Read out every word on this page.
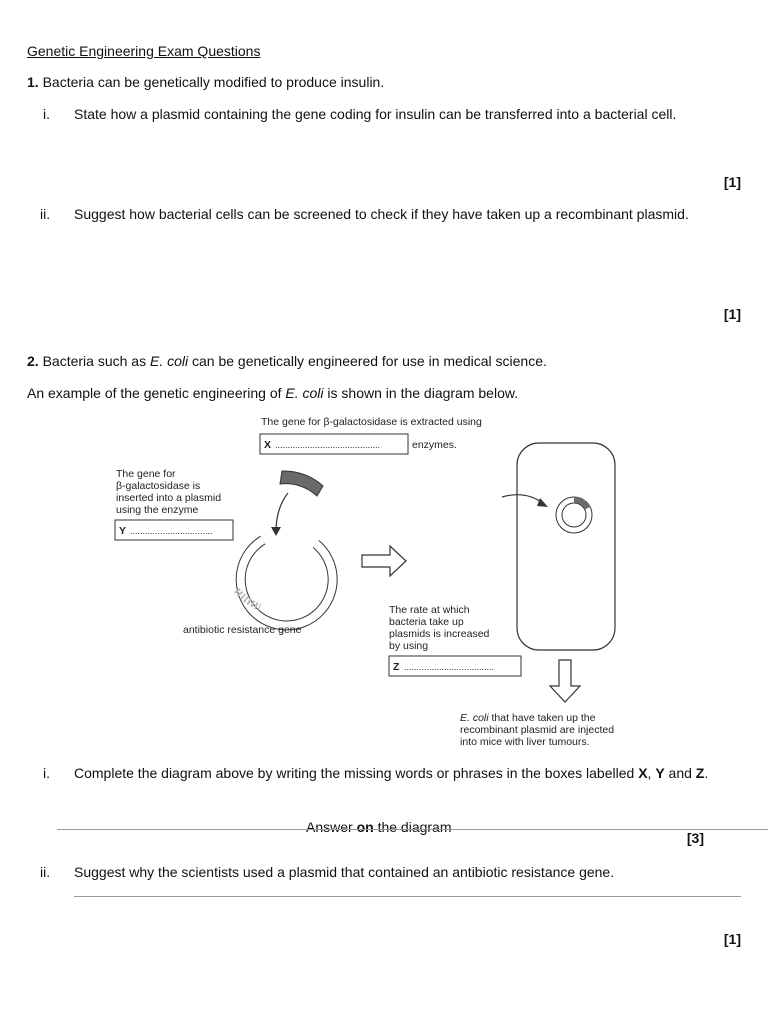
Genetic Engineering Exam Questions
1. Bacteria can be genetically modified to produce insulin.
i. State how a plasmid containing the gene coding for insulin can be transferred into a bacterial cell.
[1]
ii. Suggest how bacterial cells can be screened to check if they have taken up a recombinant plasmid.
[1]
2. Bacteria such as E. coli can be genetically engineered for use in medical science.
An example of the genetic engineering of E. coli is shown in the diagram below.
The gene for β-galactosidase is extracted using
X ..........................................	enzymes.
The gene for β-galactosidase is inserted into a plasmid using the enzyme
Y .................................
antibiotic resistance gene
The rate at which bacteria take up plasmids is increased by using
Z ....................................
E. coli that have taken up the recombinant plasmid are injected into mice with liver tumours.
i. Complete the diagram above by writing the missing words or phrases in the boxes labelled X, Y and Z.
Answer on the diagram
[3]
ii. Suggest why the scientists used a plasmid that contained an antibiotic resistance gene.
[1]
